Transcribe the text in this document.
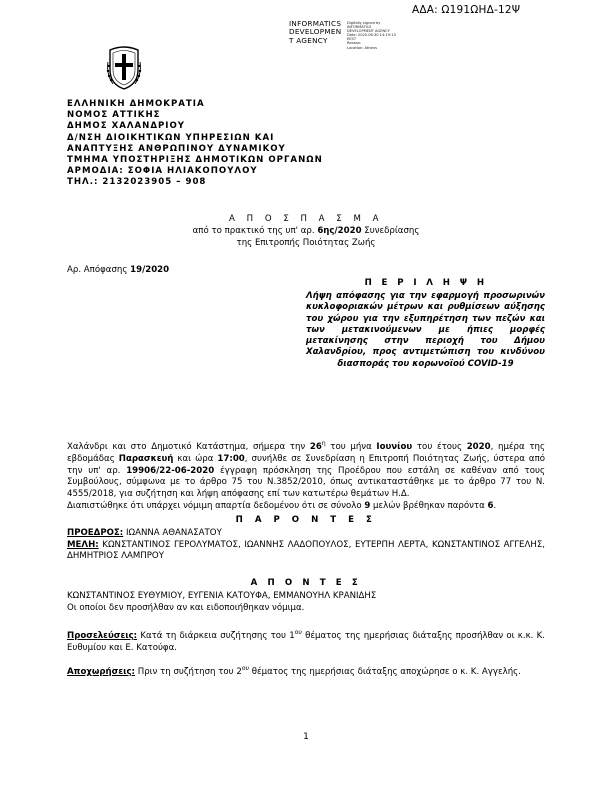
ΑΔΑ: Ω191ΩΗΔ-12Ψ
INFORMATICS
DEVELOPMEN
T AGENCY
Digitally signed by
INFORMATICS
DEVELOPMENT AGENCY
Date: 2020.06.30 14:19:13
EEST
Reason:
Location: Athens
ΕΛΛΗΝΙΚΗ ΔΗΜΟΚΡΑΤΙΑ
ΝΟΜΟΣ ΑΤΤΙΚΗΣ
ΔΗΜΟΣ ΧΑΛΑΝΔΡΙΟΥ
Δ/ΝΣΗ ΔΙΟΙΚΗΤΙΚΩΝ ΥΠΗΡΕΣΙΩΝ ΚΑΙ
ΑΝΑΠΤΥΞΗΣ ΑΝΘΡΩΠΙΝΟΥ ΔΥΝΑΜΙΚΟΥ
ΤΜΗΜΑ ΥΠΟΣΤΗΡΙΞΗΣ ΔΗΜΟΤΙΚΩΝ ΟΡΓΑΝΩΝ
ΑΡΜΟΔΙΑ: ΣΟΦΙΑ ΗΛΙΑΚΟΠΟΥΛΟΥ
ΤΗΛ.: 2132023905 – 908
Α Π Ο Σ Π Α Σ Μ Α
από το πρακτικό της υπ' αρ. 6ης/2020 Συνεδρίασης
της Επιτροπής Ποιότητας Ζωής
Αρ. Απόφασης 19/2020
Π Ε Ρ Ι Λ Η Ψ Η
Λήψη απόφασης για την εφαρμογή προσωρινών κυκλοφοριακών μέτρων και ρυθμίσεων αύξησης του χώρου για την εξυπηρέτηση των πεζών και των μετακινούμενων με ήπιες μορφές μετακίνησης στην περιοχή του Δήμου Χαλανδρίου, προς αντιμετώπιση του κινδύνου διασποράς του κορωνοϊού COVID-19
Χαλάνδρι και στο Δημοτικό Κατάστημα, σήμερα την $26^\eta$ του μήνα Ιουνίου του έτους 2020, ημέρα της εβδομάδας Παρασκευή και ώρα 17:00, συνήλθε σε Συνεδρίαση η Επιτροπή Ποιότητας Ζωής, ύστερα από την υπ' αρ. 19906/22-06-2020 έγγραφη πρόσκληση της Προέδρου που εστάλη σε καθέναν από τους Συμβούλους, σύμφωνα με το άρθρο 75 του Ν.3852/2010, όπως αντικαταστάθηκε με το άρθρο 77 του Ν. 4555/2018, για συζήτηση και λήψη απόφασης επί των κατωτέρω θεμάτων Η.Δ.
Διαπιστώθηκε ότι υπάρχει νόμιμη απαρτία δεδομένου ότι σε σύνολο 9 μελών βρέθηκαν παρόντα 6.
Π Α Ρ Ο Ν Τ Ε Σ
ΠΡΟΕΔΡΟΣ: ΙΩΑΝΝΑ ΑΘΑΝΑΣΑΤΟΥ
ΜΕΛΗ: ΚΩΝΣΤΑΝΤΙΝΟΣ ΓΕΡΟΛΥΜΑΤΟΣ, ΙΩΑΝΝΗΣ ΛΑΔΟΠΟΥΛΟΣ, ΕΥΤΕΡΠΗ ΛΕΡΤΑ, ΚΩΝΣΤΑΝΤΙΝΟΣ ΑΓΓΕΛΗΣ, ΔΗΜΗΤΡΙΟΣ ΛΑΜΠΡΟΥ
Α Π Ο Ν Τ Ε Σ
ΚΩΝΣΤΑΝΤΙΝΟΣ ΕΥΘΥΜΙΟΥ, ΕΥΓΕΝΙΑ ΚΑΤΟΥΦΑ, ΕΜΜΑΝΟΥΗΛ ΚΡΑΝΙΔΗΣ
Οι οποίοι δεν προσήλθαν αν και ειδοποιήθηκαν νόμιμα.
Προσελεύσεις: Κατά τη διάρκεια συζήτησης του $1^{o\upsilon}$ θέματος της ημερήσιας διάταξης προσήλθαν οι κ.κ. Κ. Ευθυμίου και Ε. Κατούφα.
Αποχωρήσεις: Πριν τη συζήτηση του $2^{o\upsilon}$ θέματος της ημερήσιας διάταξης αποχώρησε ο κ. Κ. Αγγελής.
1
